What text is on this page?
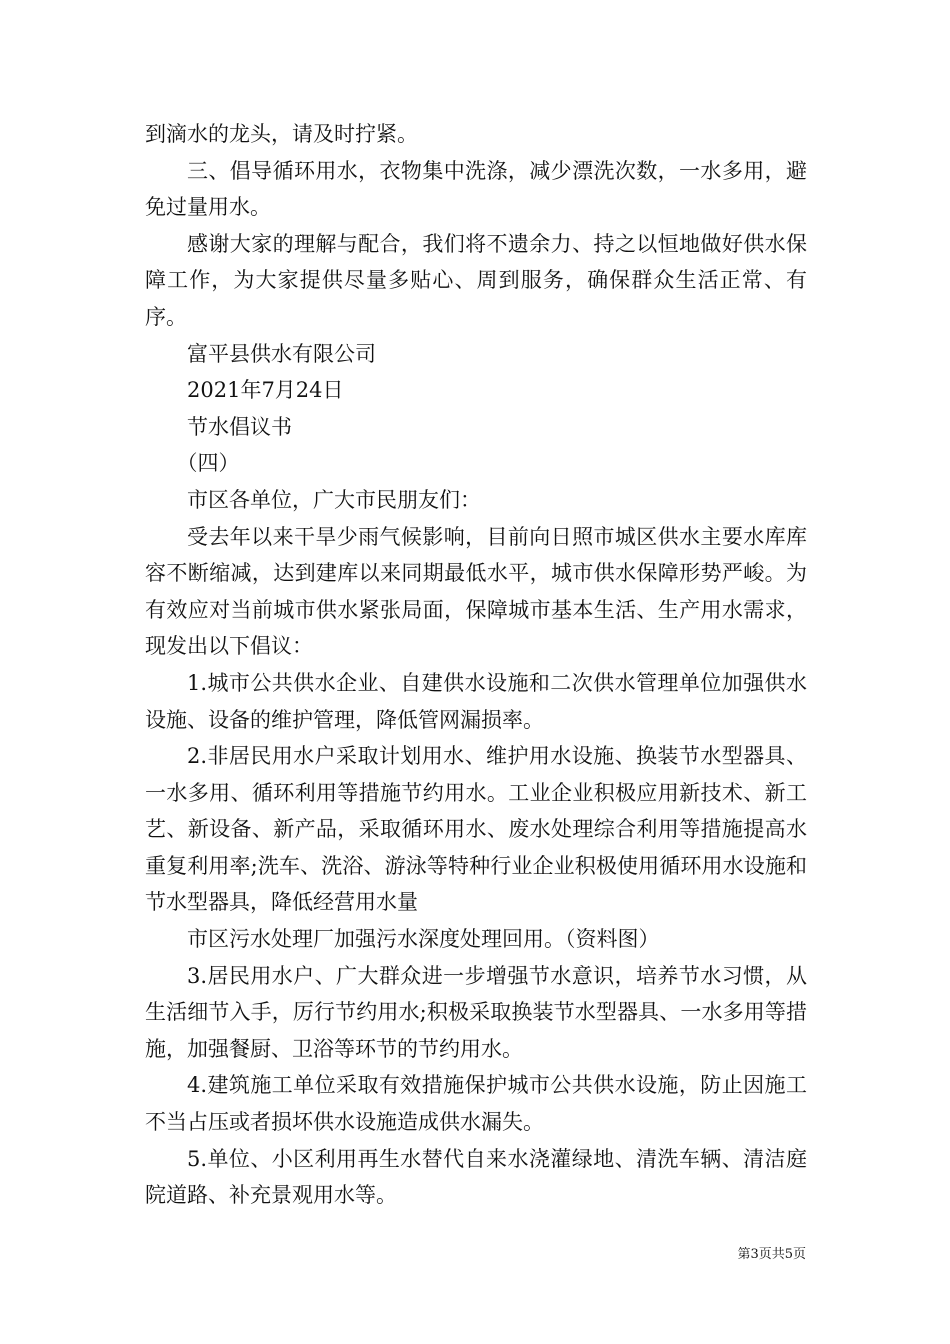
到滴水的龙头，请及时拧紧。

三、倡导循环用水，衣物集中洗涤，减少漂洗次数，一水多用，避免过量用水。

感谢大家的理解与配合，我们将不遗余力、持之以恒地做好供水保障工作，为大家提供尽量多贴心、周到服务，确保群众生活正常、有序。

富平县供水有限公司

2021年7月24日

节水倡议书

（四）

市区各单位，广大市民朋友们：

受去年以来干旱少雨气候影响，目前向日照市城区供水主要水库库容不断缩减，达到建库以来同期最低水平，城市供水保障形势严峻。为有效应对当前城市供水紧张局面，保障城市基本生活、生产用水需求，现发出以下倡议：

1.城市公共供水企业、自建供水设施和二次供水管理单位加强供水设施、设备的维护管理，降低管网漏损率。

2.非居民用水户采取计划用水、维护用水设施、换装节水型器具、一水多用、循环利用等措施节约用水。工业企业积极应用新技术、新工艺、新设备、新产品，采取循环用水、废水处理综合利用等措施提高水重复利用率;洗车、洗浴、游泳等特种行业企业积极使用循环用水设施和节水型器具，降低经营用水量

市区污水处理厂加强污水深度处理回用。（资料图）

3.居民用水户、广大群众进一步增强节水意识，培养节水习惯，从生活细节入手，厉行节约用水;积极采取换装节水型器具、一水多用等措施，加强餐厨、卫浴等环节的节约用水。

4.建筑施工单位采取有效措施保护城市公共供水设施，防止因施工不当占压或者损坏供水设施造成供水漏失。

5.单位、小区利用再生水替代自来水浇灌绿地、清洗车辆、清洁庭院道路、补充景观用水等。

第3页共5页
